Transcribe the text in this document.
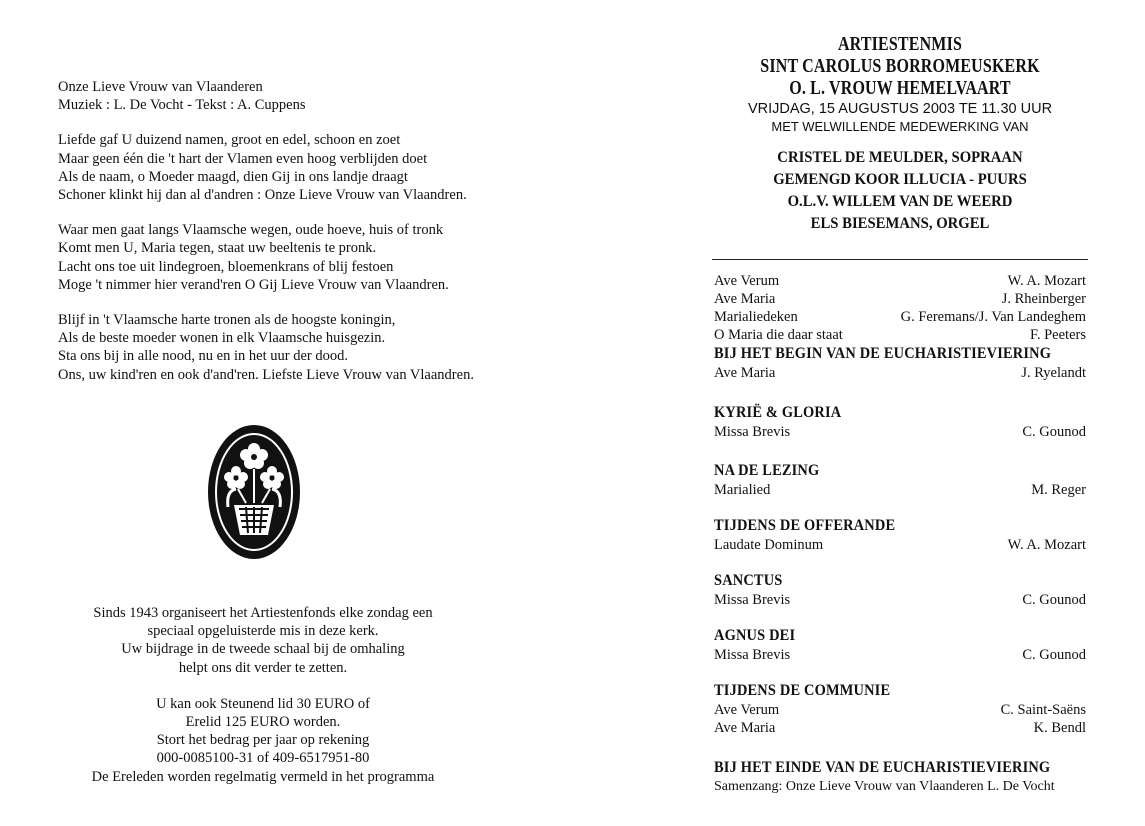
Onze Lieve Vrouw van Vlaanderen
Muziek : L. De Vocht - Tekst : A. Cuppens
Liefde gaf U duizend namen, groot en edel, schoon en zoet
Maar geen één die 't hart der Vlamen even hoog verblijden doet
Als de naam, o Moeder maagd, dien Gij in ons landje draagt
Schoner klinkt hij dan al d'andren : Onze Lieve Vrouw van Vlaandren.
Waar men gaat langs Vlaamsche wegen, oude hoeve, huis of tronk
Komt men U, Maria tegen, staat uw beeltenis te pronk.
Lacht ons toe uit lindegroen, bloemenkrans of blij festoen
Moge 't nimmer hier verand'ren O Gij Lieve Vrouw van Vlaandren.
Blijf in 't Vlaamsche harte tronen als de hoogste koningin,
Als de beste moeder wonen in elk Vlaamsche huisgezin.
Sta ons bij in alle nood, nu en in het uur der dood.
Ons, uw kind'ren en ook d'and'ren. Liefste Lieve Vrouw van Vlaandren.
Sinds 1943 organiseert het Artiestenfonds elke zondag een
speciaal opgeluisterde mis in deze kerk.
Uw bijdrage in de tweede schaal bij de omhaling
helpt ons dit verder te zetten.
U kan ook Steunend lid 30 EURO of
Erelid 125 EURO worden.
Stort het bedrag per jaar op rekening
000-0085100-31 of 409-6517951-80
De Ereleden worden regelmatig vermeld in het programma
ARTIESTENMIS
SINT CAROLUS BORROMEUSKERK
O. L. VROUW HEMELVAART
VRIJDAG, 15 AUGUSTUS 2003 TE 11.30 UUR
MET WELWILLENDE MEDEWERKING VAN
CRISTEL DE MEULDER, SOPRAAN
GEMENGD KOOR ILLUCIA - PUURS
O.L.V. WILLEM VAN DE WEERD
ELS BIESEMANS, ORGEL
Ave Verum	W. A. Mozart
Ave Maria	J. Rheinberger
Marialiedeken	G. Feremans/J. Van Landeghem
O Maria die daar staat	F. Peeters
BIJ HET BEGIN VAN DE EUCHARISTIEVIERING
Ave Maria	J. Ryelandt
KYRIË & GLORIA
Missa Brevis	C. Gounod
NA DE LEZING
Marialied	M. Reger
TIJDENS DE OFFERANDE
Laudate Dominum	W. A. Mozart
SANCTUS
Missa Brevis	C. Gounod
AGNUS DEI
Missa Brevis	C. Gounod
TIJDENS DE COMMUNIE
Ave Verum	C. Saint-Saëns
Ave Maria	K. Bendl
BIJ HET EINDE VAN DE EUCHARISTIEVIERING
Samenzang: Onze Lieve Vrouw van Vlaanderen L. De Vocht
